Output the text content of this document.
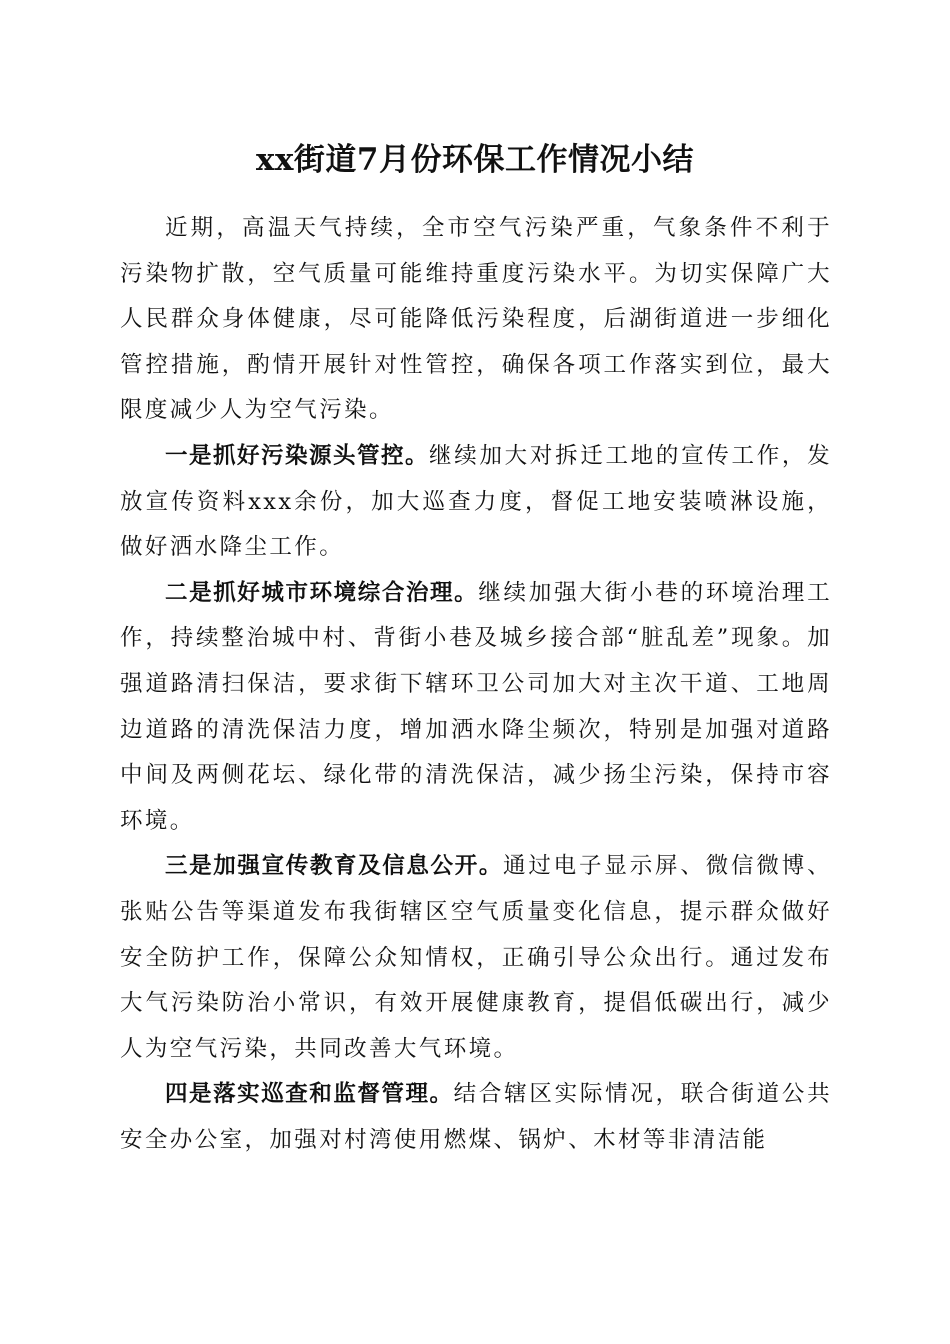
xx街道7月份环保工作情况小结

近期，高温天气持续，全市空气污染严重，气象条件不利于污染物扩散，空气质量可能维持重度污染水平。为切实保障广大人民群众身体健康，尽可能降低污染程度，后湖街道进一步细化管控措施，酌情开展针对性管控，确保各项工作落实到位，最大限度减少人为空气污染。

一是抓好污染源头管控。继续加大对拆迁工地的宣传工作，发放宣传资料xxx余份，加大巡查力度，督促工地安装喷淋设施，做好洒水降尘工作。

二是抓好城市环境综合治理。继续加强大街小巷的环境治理工作，持续整治城中村、背街小巷及城乡接合部“脏乱差”现象。加强道路清扫保洁，要求街下辖环卫公司加大对主次干道、工地周边道路的清洗保洁力度，增加洒水降尘频次，特别是加强对道路中间及两侧花坛、绿化带的清洗保洁，减少扬尘污染，保持市容环境。

三是加强宣传教育及信息公开。通过电子显示屏、微信微博、张贴公告等渠道发布我街辖区空气质量变化信息，提示群众做好安全防护工作，保障公众知情权，正确引导公众出行。通过发布大气污染防治小常识，有效开展健康教育，提倡低碳出行，减少人为空气污染，共同改善大气环境。

四是落实巡查和监督管理。结合辖区实际情况，联合街道公共安全办公室，加强对村湾使用燃煤、锅炉、木材等非清洁能
